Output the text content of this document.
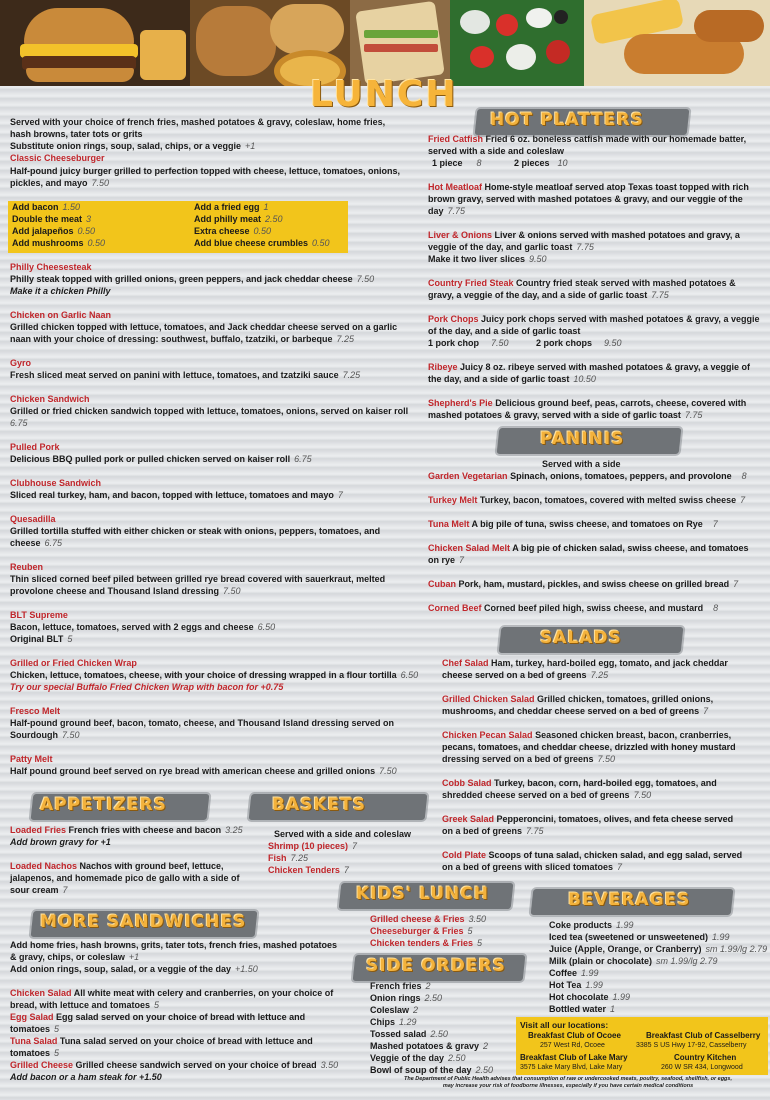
LUNCH
Served with your choice of french fries, mashed potatoes & gravy, coleslaw, home fries,
hash browns, tater tots or grits
Substitute onion rings, soup, salad, chips, or a veggie +1
Classic Cheeseburger
Half-pound juicy burger grilled to perfection topped with cheese, lettuce, tomatoes, onions,
pickles, and mayo 7.50
Add bacon 1.50	Add a fried egg 1
Double the meat 3	Add philly meat 2.50
Add jalapeños 0.50	Extra cheese 0.50
Add mushrooms 0.50	Add blue cheese crumbles 0.50
Philly Cheesesteak
Philly steak topped with grilled onions, green peppers, and jack cheddar cheese 7.50
Make it a chicken Philly
Chicken on Garlic Naan
Grilled chicken topped with lettuce, tomatoes, and Jack cheddar cheese served on a garlic
naan with your choice of dressing: southwest, buffalo, tzatziki, or barbeque 7.25
Gyro
Fresh sliced meat served on panini with lettuce, tomatoes, and tzatziki sauce 7.25
Chicken Sandwich
Grilled or fried chicken sandwich topped with lettuce, tomatoes, onions, served on kaiser roll
6.75
Pulled Pork
Delicious BBQ pulled pork or pulled chicken served on kaiser roll 6.75
Clubhouse Sandwich
Sliced real turkey, ham, and bacon, topped with lettuce, tomatoes and mayo 7
Quesadilla
Grilled tortilla stuffed with either chicken or steak with onions, peppers, tomatoes, and
cheese 6.75
Reuben
Thin sliced corned beef piled between grilled rye bread covered with sauerkraut, melted
provolone cheese and Thousand Island dressing 7.50
BLT Supreme
Bacon, lettuce, tomatoes, served with 2 eggs and cheese 6.50
Original BLT 5
Grilled or Fried Chicken Wrap
Chicken, lettuce, tomatoes, cheese, with your choice of dressing wrapped in a flour tortilla 6.50
Try our special Buffalo Fried Chicken Wrap with bacon for +0.75
Fresco Melt
Half-pound ground beef, bacon, tomato, cheese, and Thousand Island dressing served on
Sourdough 7.50
Patty Melt
Half pound ground beef served on rye bread with american cheese and grilled onions 7.50
APPETIZERS
Loaded Fries French fries with cheese and bacon 3.25
Add brown gravy for +1
Loaded Nachos Nachos with ground beef, lettuce,
jalapenos, and homemade pico de gallo with a side of
sour cream 7
BASKETS
Served with a side and coleslaw
Shrimp (10 pieces) 7
Fish 7.25
Chicken Tenders 7
MORE SANDWICHES
Add home fries, hash browns, grits, tater tots, french fries, mashed potatoes
& gravy, chips, or coleslaw +1
Add onion rings, soup, salad, or a veggie of the day +1.50
Chicken Salad All white meat with celery and cranberries, on your choice of
bread, with lettuce and tomatoes 5
Egg Salad Egg salad served on your choice of bread with lettuce and
tomatoes 5
Tuna Salad Tuna salad served on your choice of bread with lettuce and
tomatoes 5
Grilled Cheese Grilled cheese sandwich served on your choice of bread 3.50
Add bacon or a ham steak for +1.50
KIDS' LUNCH
Grilled cheese & Fries 3.50
Cheeseburger & Fries 5
Chicken tenders & Fries 5
SIDE ORDERS
French fries 2
Onion rings 2.50
Coleslaw 2
Chips 1.29
Tossed salad 2.50
Mashed potatoes & gravy 2
Veggie of the day 2.50
Bowl of soup of the day 2.50
HOT PLATTERS
Fried Catfish Fried 6 oz. boneless catfish made with our homemade batter,
served with a side and coleslaw
1 piece 8	2 pieces 10
Hot Meatloaf Home-style meatloaf served atop Texas toast topped with rich
brown gravy, served with mashed potatoes & gravy, and our veggie of the
day 7.75
Liver & Onions Liver & onions served with mashed potatoes and gravy, a
veggie of the day, and garlic toast 7.75
Make it two liver slices 9.50
Country Fried Steak Country fried steak served with mashed potatoes &
gravy, a veggie of the day, and a side of garlic toast 7.75
Pork Chops Juicy pork chops served with mashed potatoes & gravy, a veggie
of the day, and a side of garlic toast
1 pork chop 7.50	2 pork chops 9.50
Ribeye Juicy 8 oz. ribeye served with mashed potatoes & gravy, a veggie of
the day, and a side of garlic toast 10.50
Shepherd's Pie Delicious ground beef, peas, carrots, cheese, covered with
mashed potatoes & gravy, served with a side of garlic toast 7.75
PANINIS
Served with a side
Garden Vegetarian Spinach, onions, tomatoes, peppers, and provolone 8
Turkey Melt Turkey, bacon, tomatoes, covered with melted swiss cheese 7
Tuna Melt A big pile of tuna, swiss cheese, and tomatoes on Rye 7
Chicken Salad Melt A big pie of chicken salad, swiss cheese, and tomatoes
on rye 7
Cuban Pork, ham, mustard, pickles, and swiss cheese on grilled bread 7
Corned Beef Corned beef piled high, swiss cheese, and mustard 8
SALADS
Chef Salad Ham, turkey, hard-boiled egg, tomato, and jack cheddar
cheese served on a bed of greens 7.25
Grilled Chicken Salad Grilled chicken, tomatoes, grilled onions,
mushrooms, and cheddar cheese served on a bed of greens 7
Chicken Pecan Salad Seasoned chicken breast, bacon, cranberries,
pecans, tomatoes, and cheddar cheese, drizzled with honey mustard
dressing served on a bed of greens 7.50
Cobb Salad Turkey, bacon, corn, hard-boiled egg, tomatoes, and
shredded cheese served on a bed of greens 7.50
Greek Salad Pepperoncini, tomatoes, olives, and feta cheese served
on a bed of greens 7.75
Cold Plate Scoops of tuna salad, chicken salad, and egg salad, served
on a bed of greens with sliced tomatoes 7
BEVERAGES
Coke products 1.99
Iced tea (sweetened or unsweetened) 1.99
Juice (Apple, Orange, or Cranberry) sm 1.99/lg 2.79
Milk (plain or chocolate) sm 1.99/lg 2.79
Coffee 1.99
Hot Tea 1.99
Hot chocolate 1.99
Bottled water 1
Visit all our locations:
Breakfast Club of Ocoee
257 West Rd, Ocoee
Breakfast Club of Casselberry
3385 S US Hwy 17-92, Casselberry
Breakfast Club of Lake Mary
3575 Lake Mary Blvd, Lake Mary
Country Kitchen
260 W SR 434, Longwood
The Department of Public Health advises that consumption of raw or undercooked meats, poultry, seafood, shellfish, or eggs, may increase your risk of foodborne illnesses, especially if you have certain medical conditions
